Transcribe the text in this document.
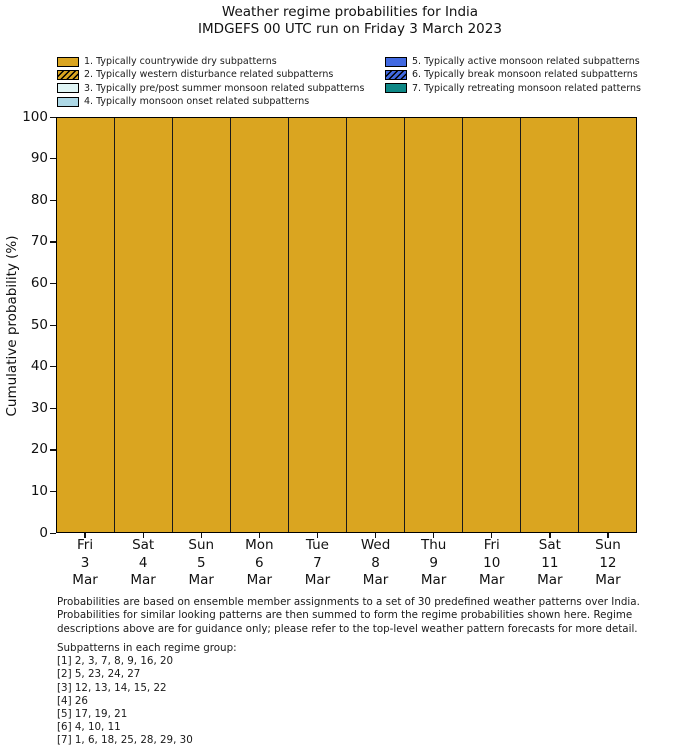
Weather regime probabilities for India
IMDGEFS 00 UTC run on Friday 3 March 2023
1. Typically countrywide dry subpatterns
2. Typically western disturbance related subpatterns
3. Typically pre/post summer monsoon related subpatterns
4. Typically monsoon onset related subpatterns
5. Typically active monsoon related subpatterns
6. Typically break monsoon related subpatterns
7. Typically retreating monsoon related patterns
Cumulative probability (%)
Probabilities are based on ensemble member assignments to a set of 30 predefined weather patterns over India.
Probabilities for similar looking patterns are then summed to form the regime probabilities shown here. Regime
descriptions above are for guidance only; please refer to the top-level weather pattern forecasts for more detail.
Subpatterns in each regime group:
[1] 2, 3, 7, 8, 9, 16, 20
[2] 5, 23, 24, 27
[3] 12, 13, 14, 15, 22
[4] 26
[5] 17, 19, 21
[6] 4, 10, 11
[7] 1, 6, 18, 25, 28, 29, 30
0
10
20
30
40
50
60
70
80
90
100
Fri
3
Mar
Sat
4
Mar
Sun
5
Mar
Mon
6
Mar
Tue
7
Mar
Wed
8
Mar
Thu
9
Mar
Fri
10
Mar
Sat
11
Mar
Sun
12
Mar
